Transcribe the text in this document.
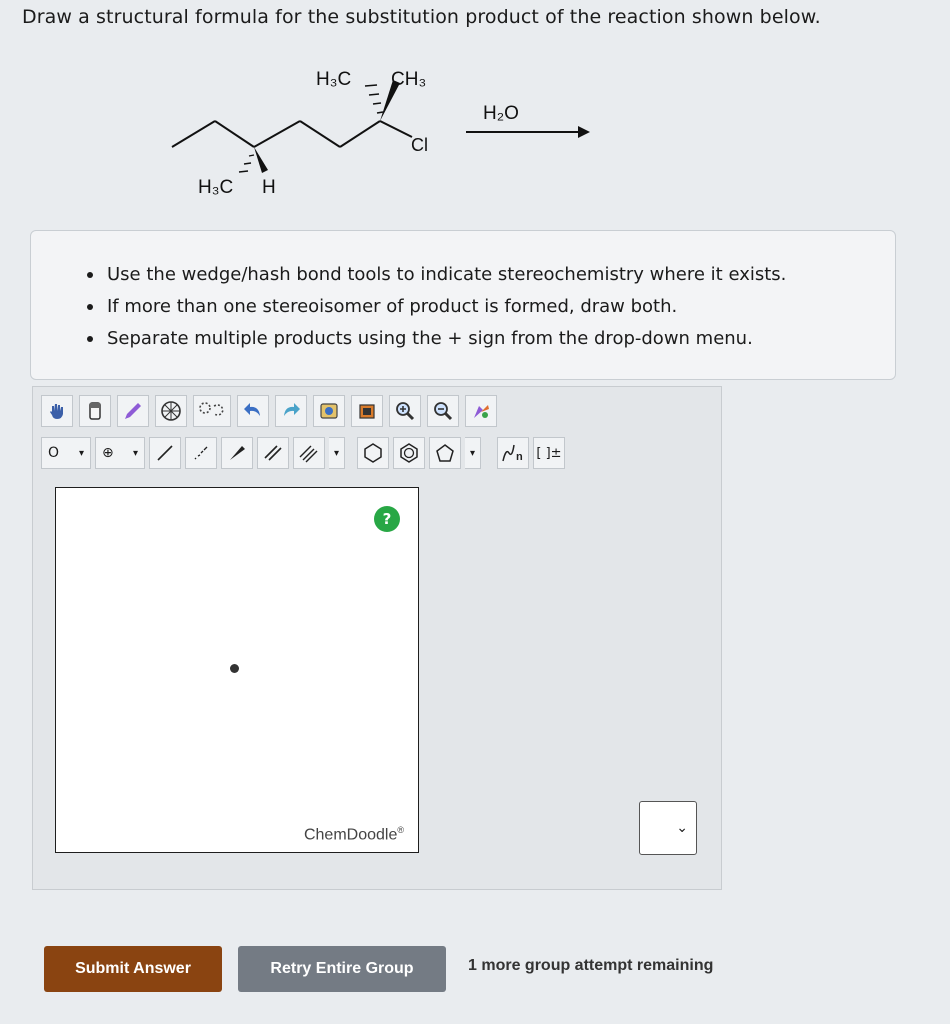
Draw a structural formula for the substitution product of the reaction shown below.
H₃C CH₃
Cl
H₃C H
H₂O
Use the wedge/hash bond tools to indicate stereochemistry where it exists.
If more than one stereoisomer of product is formed, draw both.
Separate multiple products using the + sign from the drop-down menu.
O ▾ ⊕ ▾	▾	▾	n [ ]±
?
ChemDoodle®	⌄
Submit Answer	Retry Entire Group	1 more group attempt remaining
